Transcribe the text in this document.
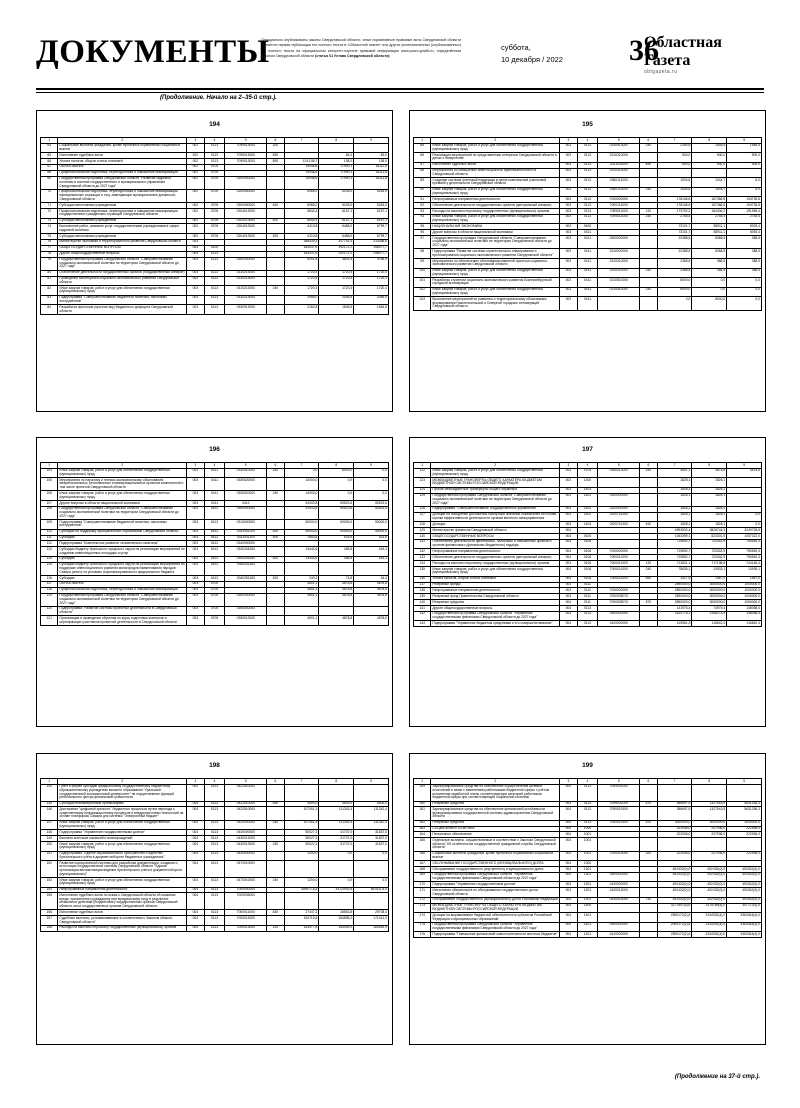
ДОКУМЕНТЫ
Официально опубликованы законы Свердловской области, иные нормативные правовые акты Свердловской области считается первая публикация его полного текста в «Областной газете» или других уполномоченных (опубликованных) его полного текста на официальном интернет-портале правовой информации www.pravo.gov66.ru, определённом законом Свердловской области (статья 61 Устава Свердловской области)
суббота,
10 декабря / 2022 36
Областная
Газета
oblgazeta.ru
(Продолжение. Начало на 2–35-й стр.).
(Продолжение на 37-й стр.).
194
1	2	3	4	5	6	7	8	9
64	Социальные выплаты гражданам, кроме публичных нормативных социальных выплат	002	0113	7099013000	320			
65	Исполнение судебных актов	002	0113	7099013000	830		84,0	84,0
66	Уплата налогов, сборов и иных платежей	002	0113	7099013000	850	1241,56,7	138,0	138,0
67	ОБРАЗОВАНИЕ	002	0700			19048,6	17990,1	18111,8
68	Профессиональная подготовка, переподготовка и повышение квалификации	002	0705			19048,6	17990,1	18111,8
69	Государственная программа Свердловской области "Развитие кадровой политики в системе государственного и муниципального управления Свердловской области до 2027 года"	002	0705	0200000000		19048,6	17990,1	18111,8
70	Профессиональная подготовка, переподготовка и повышение квалификации муниципальных служащих и лиц, замещающих муниципальные должности, Свердловской области	002	0705	0200050000		5088,2	5245,0	5245,0
71	Субсидии автономным учреждениям	002	0705	0200050000	620	5088,2	5245,0	5245,0
72	Профессиональная подготовка, переподготовка и повышение квалификации государственных гражданских служащих Свердловской области	002	0705	0204013000		6844,4	6157,1	6157,1
73	Субсидии автономным учреждениям	002	0705	0204013000	620	6844,4	6157,1	6157,1
74	Выполнение работ, оказание услуг государственными учреждениями в сфере кадровой политики	002	0705	0204013000		6113,8	6488,0	6799,7
75	Субсидии автономным учреждениям	002	0705	0204013000	620	6113,8	6488,0	6799,7
76	Министерство экономики и территориального развития Свердловской области	003				266439,3	207791,4	214268,6
77	ОБЩЕГОСУДАРСТВЕННЫЕ ВОПРОСЫ	003	0100			183037,6	192172,2	198477,7
78	Другие общегосударственные вопросы	003	0113			183037,6	192172,2	198477,7
79	Государственная программа Свердловской области "Совершенствование социально-экономической политики на территории Свердловской области до 2027 года"	003	0113	0300000000		5291,8	4811,5	3756,9
80	Обеспечение деятельности государственных органов (государственный аппарат)	003	0113	0310213000		1720,4	1720,4	1720,4
81	Проведение мониторинга социально-экономического развития Свердловской области	003	0113	0310213000		1720,4	1720,4	1720,4
82	Иные закупки товаров, работ и услуг для обеспечения государственных (муниципальных) нужд	003	0113	0310213000	240	1720,4	1720,4	1720,4
83	Подпрограмма "Совершенствование бюджетной политики, налоговых инструментов"	003	0113	0310213000		2956,0	2046,5	2046,5
84	Разработка прогнозов (прогностику) бюджетного дефицита Свердловской области	003	0113	0330913000		2160,8	1546,5	1546,5
195
1	2	3	4	5	6	7	8	9
85	Иные закупки товаров, работ и услуг для обеспечения государственных (муниципальных) нужд	003	0113	0330913000	240	2160,8	1546,5	1546,5
86	Реализация мероприятий по представлению интересов Свердловской области в делах о банкротстве	003	0113	0310310000		500,0	500,0	500,0
87	Исполнение судебных актов	003	0113	0331100000	830	500,0	500,0	500,0
88	Мероприятия по повышению инвестиционной привлекательности в Свердловской области	003	0113	0310413000				
89	Создание системы грантовой поддержки в целях комплексной участковой премией у деятельности Свердловской области	003	0113	0360113000		1004,6	1044,7	8,0
90	Иные закупки товаров, работ и услуг для обеспечения государственных (муниципальных) нужд	003	0113	0360113000	240	1004,6	1044,7	8,0
91	Непрограммные направления деятельности	003	0113	7000000000		178146,6	187366,6	194735,8
92	Обеспечение деятельности государственных органов (центральный аппарат)	003	0113	7000113000		178146,6	187366,6	194735,8
93	Расходы на выплаты персоналу государственных (муниципальных) органов	003	0113	7099011000	120	173792,2	184406,2	191956,4
94	Иные закупки товаров, работ и услуг для обеспечения государственных (муниципальных) нужд	003	0113	7099013000	240	2754,4	2754,4	2754,4
95	НАЦИОНАЛЬНАЯ ЭКОНОМИКА	003	0400			73101,7	58911,1	5093,4
96	Другие вопросы в области национальной экономики	003	0411			73101,7	58911,1	5093,4
97	Государственная программа Свердловской области "Совершенствование социально-экономической политики на территории Свердловской области до 2027 года"	003	0411	0300000000		22388,5	8388,5	388,5
98	Подпрограмма "Развитие системы стратегического планирования и прогнозирования социально-экономического развития Свердловской области"	003	0411	0310000000		22388,5	8388,5	388,5
99	Мероприятия по обеспечению обоснования макетной прогноза социально-экономического развития Свердловской области	003	0411	0310010000		2388,5	388,5	388,5
100	Иные закупки товаров, работ и услуг для обеспечения государственных (муниципальных) нужд	003	0411	0310010000	240	2388,5	388,5	388,5
101	Разработка стратегии социально-экономического развития Екатеринбургской городской агломерации	003	0411	0310510000		8000,0	0,0	0,0
102	Иные закупки товаров, работ и услуг для обеспечения государственных (муниципальных) нужд	003	0411	0310510000	240	8000,0	0,0	0,0
103	Выполнение мероприятий по развитию и территориальному обоснованию формирования Нижнетагильской и Северной городских агломераций Свердловской области	003	0411			0,0	8000,0	0,0
196
1	2	3	4	5	6	7	8	9
104	Иные закупки товаров, работ и услуг для обеспечения государственных (муниципальных) нужд	003	0411	0330510000	240	0,0	8000,0	0,0
105	Мероприятия по научному и технико-экономическому обоснованию межрегиональных, региональных и межмуниципальных проектов комплексной и том числе проектов Свердловской области	003	0411	0330620000		14000,0	0,0	0,0
106	Иные закупки товаров, работ и услуг для обеспечения государственных (муниципальных) нужд	003	0411	0330620000	240	14000,0	0,0	0,0
107	Другие вопросы в области национальной экономики	003	0411	0412		51003,8	50523,6	50523,6
108	Государственная программа Свердловской области "Совершенствование социально-экономической политики на территории Свердловской области до 2027 года"	003	0412	0300000000		51003,8	50523,6	50523,6
109	Подпрограмма "Совершенствование бюджетной политики, налоговых инструментов"	003	0412	0310000000		50000,0	50000,0	50000,0
110	Субсидии на поддержку муниципальных образований Свердловской области	003	0412	0331041100	520	50000,0	50000,0	50000,0
111	Субсидии	003	0412	0331041100	520	1553,8	523,6	523,6
112	Подпрограмма "Комплексное развитие человеческого капитала"	003	0412	0340000000				
113	Субсидии бюджету Уральского городского округа на реализацию мероприятий по созданию инвестиционных площадок и услуг	003	0412	0340245150		13444,6	448,8	443,3
114	Субсидии	003	0412	0340245150	520	13444,6	448,8	443,3
115	Субсидии бюджету Уральского городского округа на реализацию мероприятий по поддержке инвестиционного развития моногородов наименования народов Севера (иного) на условиях софинансирования из федерального бюджета	003	0412	0340251183				
116	Субсидии	003	0412	0340251183	520	249,2	74,8	34,3
117	ОБРАЗОВАНИЕ	003	0700			4601,1	4878,8	4878,8
118	Профессиональная подготовка, переподготовка и повышение квалификации	003	0705			4601,1	4878,8	4878,8
119	Государственная программа Свердловской области "Совершенствование социально-экономической политики на территории Свердловской области до 2027 года"	003	0705	0300000000		4601,1	4878,8	4878,8
120	Подпрограмма "Развитие системы проектной деятельности в Свердловской области"	003	0705	0350000000				
121	Организация и проведение обучения по курсу подготовки экспертов и сертификации участников проектной деятельности в Свердловской области	003	0705	0350013000		4601,1	4878,8	4878,8
197
1	2	3	4	5	6	7	8	9
122	Иные закупки товаров, работ и услуг для обеспечения государственных (муниципальных) нужд	003	0705	0350013000	240	4601,1	4878,8	4878,8
123	МЕЖБЮДЖЕТНЫЕ ТРАНСФЕРТЫ ОБЩЕГО ХАРАКТЕРА БЮДЖЕТАМ БЮДЖЕТНОЙ СИСТЕМЫ РОССИЙСКОЙ ФЕДЕРАЦИИ	003	1400			1828,1	1828,1	
124	Прочие межбюджетные трансферты общего характера	003	1403			1828,1	1828,1	
125	Государственная программа Свердловской области "Совершенствование социально-экономической политики на территории Свердловской области до 2027 года"	003	1402	0300000000		1828,1	1828,1	
126	Подпрограмма "Совершенствование государственного управления"	003	1402	0320000000		1828,1	1828,1	
127	Дотации на поощрение достижения наилучших значений показателей по итогам оценки эффективности деятельности органов местного самоуправления	003	1402	0320741300		1828,1	1828,1	0,0
128	Дотации	003	1403	0320741300	510	1828,1	1828,1	0,0
129	Министерство финансов Свердловской области	004				4993932,4	3828746,3	3249728,8
130	ОБЩЕГОСУДАРСТВЕННЫЕ ВОПРОСЫ	004	0100			1063399,1	824301,5	1057322,0
131	Обеспечение деятельности финансовых, налоговых и таможенных органов и органов финансового (финансово-бюджетного) надзора	004	0106			719892,7	723342,9	750549,3
132	Непрограммные направления деятельности	004	0106	7000000000		719892,7	723342,9	750549,3
133	Обеспечение деятельности государственных органов (центральный аппарат)	004	0106	7000011000		719892,7	723342,9	750549,3
134	Расходы на выплаты персоналу государственных (муниципальных) органов	004	0106	7000011000	120	713831,1	717198,8	744146,4
135	Иные закупки товаров, работ и услуг для обеспечения государственных (муниципальных) нужд	004	0106	7000011000	240	78635,1	13933,1	13935,1
136	Уплата налогов, сборов и иных платежей	004	0106	7000011000	850	1427,5	1467,0	1467,0
137	Резервные фонды	004	0111			2890000,0	3000000,0	1000000,0
138	Непрограммные направления деятельности	004	0111	7000000000		2890000,0	3000000,0	1000000,0
139	Резервный фонд Правительства Свердловской области	004	0111	7000005070		2890000,0	3000000,0	1000000,0
140	Резервные средства	004	0111	7000005070	870	2890000,0	3000000,0	1000000,0
141	Другие общегосударственные вопросы	004	0113			141976,4	74979,4	148058,4
142	Государственная программа Свердловской области "Управление государственными финансами Свердловской области до 2027 года"	004	0113	0400000000		1620778,1	1448278,4	148058,4
143	Подпрограмма "Управление бюджетом средствами и его совершенствование"	004	0113	0420000000		110551,3	116642,4	116842,4
198
1	2	3	4	5	6	7	8	9
144	Грант в форме субсидии федеральному государственному бюджетному образовательному учреждению высшего образования "Уральский государственный экономический университет" на осуществление функций регионального центра финансовой грамотности	004	0113	0422510000				
145	Субсидии некоммерческим организациям	004	0113	0422510000	630	5500,0	5500,0	5500,0
146	Достижение "цифровой зрелости" бюджетных процессов путем перехода к существенному информационному процессов и внедрения новых технологий на основе платформы Самара для системы "Электронный бюджет"	004	0113	0422510000		107051,3	111342,4	111342,4
147	Иные закупки товаров, работ и услуг для обеспечения государственных (муниципальных) нужд	004	0113	0420000000	240	107051,3	111342,4	111342,4
148	Подпрограмма "Управление государственными долгом"	004	0113	0430000000		50027,3	31737,0	31837,0
149	Выплата агентских комиссий и вознаграждений	004	0113	0430013000		50027,3	31737,0	31837,0
150	Иные закупки товаров, работ и услуг для обеспечения государственных (муниципальных) нужд	004	0113	0430013000	240	50027,3	31737,0	31837,0
151	Подпрограмма "Единое образовательное пространство и единство бухгалтерского учёта в документообороте бюджетных учреждениях"	004	0113	0430000000		1200,0	0,0	0,0
152	Развитие корпоративной системы для разработки документации, создания и аттестации государственной системы Свердловской области "Единая организация автоматизации ведения бухгалтерского учета и документооборота (муниципальных)"	004	0113	0470010000				
153	Иные закупки товаров, работ и услуг для обеспечения государственных (муниципальных) нужд	004	0113	0470010000	240	1200,0	0,0	0,0
154	Непрограммные направления деятельности	004	0113	7000000000		439971,8,5	437209,6,6	867811,5,5
155	Исполнение судебных актов по искам к Свердловской области об оказании вреда, причиненного гражданину или юридическому лицу в результате незаконных действий (бездействия) государственных органов Свердловской области, иных государственных органов Свердловской области	004	0113	7000006000				
156	Исполнение судебных актов	004	0113	7000011000	830	27447,2	28563,8	29708,4
157	Судебные выплаты, устанавливаемые в соответствии с Законом области Свердловской области"	004	0113	7000013000		153715,8	164895,2	171441,0
158	Расходы на выплаты персоналу государственных (муниципальных) органов	004	0113	7000013000	120	143977,8	154493,0	160616,5
199
1	2	3	4	5	6	7	8	9
159	Зарезервированные средства на обеспечение осуществления целевых отчислений в связи с изменением работниками бюджетной сферы с учётом исполнения заработной платы соответствующих категорий работников бюджетной сферы при соответствующей социальной политики	004	0113	7099001000				
160	Резервные средства	004	0113	7099001000	870	386697,5	1327043,5	5631256,3
161	Зарезервированные средства на обеспечение финансовой устойчивости функционирования государственной системы здравоохранения Свердловской области	004	0113	7099019100		386697,5	1327043,5	5631256,3
162	Резервные средства	004	0113	7099019100	870	3000000,0	3000000,0	3000000,0
163	СОЦИАЛЬНАЯ ПОЛИТИКА	004	1000			222936,0	227936,0	222936,0
164	Пенсионное обеспечение	004	1001			222936,0	227936,0	222936,0
165	Отдельные выплаты, осуществляемые в соответствии с Законом Свердловской области "Об особенностях государственной гражданской службы Свердловской области"	004	1001					
166	Социальные выплаты гражданам, кроме публичных нормативных социальных выплат	004	1001	7000013000	320	222936,0	227936,0	222936,0
167	ОБСЛУЖИВАНИЕ ГОСУДАРСТВЕННОГО (МУНИЦИПАЛЬНОГО) ДОЛГА	004	1300					
168	Обслуживание государственного (внутреннего) и муниципального долга	004	1301			492432(0),0	492432(0),0	492432(0),0
169	Государственная программа Свердловской области "Управление государственными финансами Свердловской области до 2027 года"	004	1301	0400000000		492432(0),0	492432(0),0	492432(0),0
170	Подпрограмма "Управление государственным долгом"	004	1301	0430000000		492432(0),0	492432(0),0	492432(0),0
171	Исполнение обязательств по обслуживанию государственного долга Свердловской области	004	1301	0430013000		492432(0),0	492432(0),0	492432(0),0
172	Обслуживание государственного (муниципального) долга Российской Федерации	004	1301	0430013000	730	492432(0),0	492432(0),0	492432(0),0
173	МЕЖБЮДЖЕТНЫЕ ТРАНСФЕРТЫ ОБЩЕГО ХАРАКТЕРА БЮДЖЕТАМ БЮДЖЕТНОЙ СИСТЕМЫ РОССИЙСКОЙ ФЕДЕРАЦИИ	004	1400			3277807(5),6	2475769(5),0	307727(0),0
174	Дотации на выравнивание бюджетной обеспеченности субъектов Российской Федерации и муниципальных образований	004	1401			2905172(2),6	2434302(4),0	3363344(4),0
175	Государственная программа Свердловской области "Управление государственными финансами Свердловской области до 2027 года"	004	1401	0400000000		2905172(2),6	2434302(4),0	3363344(4),0
176	Подпрограмма "Повышение финансовой самостоятельности местных бюджетов"	004	1401	0410000000		2905172(2),6	2434302(4),0	3363344(4),0
